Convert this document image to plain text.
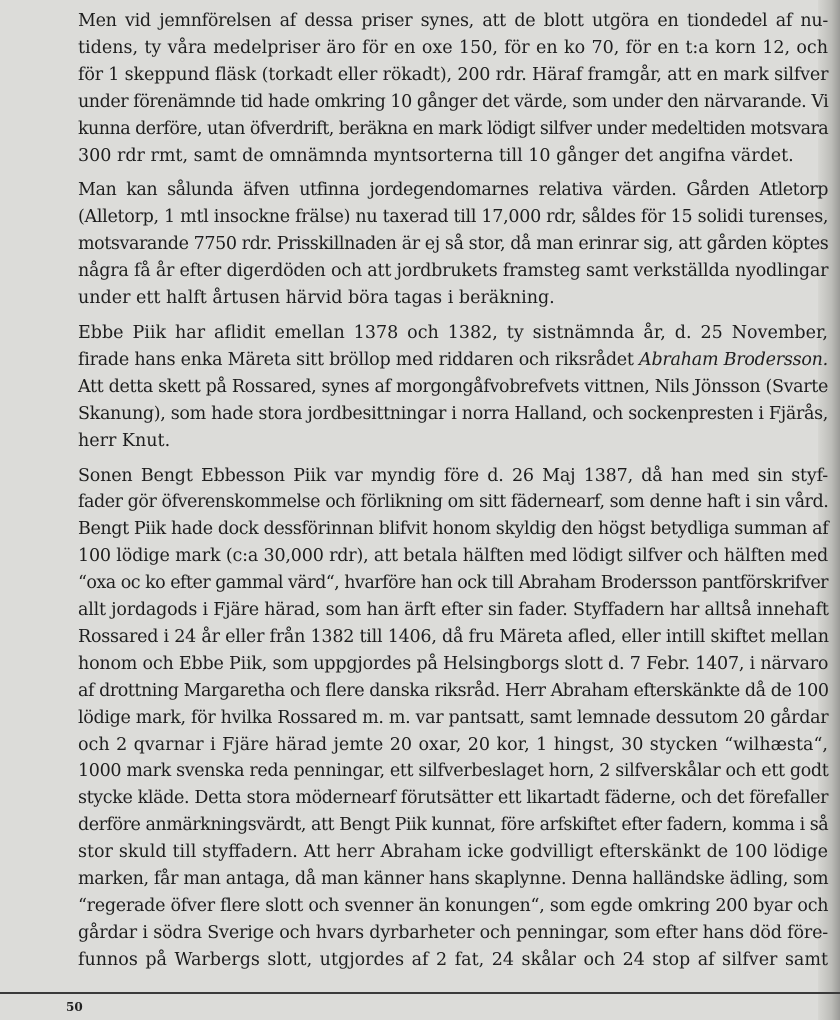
Men vid jemnförelsen af dessa priser synes, att de blott utgöra en tiondedel af nu-
tidens, ty våra medelpriser äro för en oxe 150, för en ko 70, för en t:a korn 12, och
för 1 skeppund fläsk (torkadt eller rökadt), 200 rdr. Häraf framgår, att en mark silfver
under förenämnde tid hade omkring 10 gånger det värde, som under den närvarande. Vi
kunna derföre, utan öfverdrift, beräkna en mark lödigt silfver under medeltiden motsvara
300 rdr rmt, samt de omnämnda myntsorterna till 10 gånger det angifna värdet.
Man kan sålunda äfven utfinna jordegendomarnes relativa värden. Gården Atletorp
(Alletorp, 1 mtl insockne frälse) nu taxerad till 17,000 rdr, såldes för 15 solidi turenses,
motsvarande 7750 rdr. Prisskillnaden är ej så stor, då man erinrar sig, att gården köptes
några få år efter digerdöden och att jordbrukets framsteg samt verkställda nyodlingar
under ett halft årtusen härvid böra tagas i beräkning.
Ebbe Piik har aflidit emellan 1378 och 1382, ty sistnämnda år, d. 25 November,
firade hans enka Märeta sitt bröllop med riddaren och riksrådet Abraham Brodersson.
Att detta skett på Rossared, synes af morgongåfvobrefvets vittnen, Nils Jönsson (Svarte
Skanung), som hade stora jordbesittningar i norra Halland, och sockenpresten i Fjärås,
herr Knut.
Sonen Bengt Ebbesson Piik var myndig före d. 26 Maj 1387, då han med sin styf-
fader gör öfverenskommelse och förlikning om sitt fädernearf, som denne haft i sin vård.
Bengt Piik hade dock dessförinnan blifvit honom skyldig den högst betydliga summan af
100 lödige mark (c:a 30,000 rdr), att betala hälften med lödigt silfver och hälften med
“oxa oc ko efter gammal värd“, hvarföre han ock till Abraham Brodersson pantförskrifver
allt jordagods i Fjäre härad, som han ärft efter sin fader. Styffadern har alltså innehaft
Rossared i 24 år eller från 1382 till 1406, då fru Märeta afled, eller intill skiftet mellan
honom och Ebbe Piik, som uppgjordes på Helsingborgs slott d. 7 Febr. 1407, i närvaro
af drottning Margaretha och flere danska riksråd. Herr Abraham efterskänkte då de 100
lödige mark, för hvilka Rossared m. m. var pantsatt, samt lemnade dessutom 20 gårdar
och 2 qvarnar i Fjäre härad jemte 20 oxar, 20 kor, 1 hingst, 30 stycken “wilhæsta“,
1000 mark svenska reda penningar, ett silfverbeslaget horn, 2 silfverskålar och ett godt
stycke kläde. Detta stora mödernearf förutsätter ett likartadt fäderne, och det förefaller
derföre anmärkningsvärdt, att Bengt Piik kunnat, före arfskiftet efter fadern, komma i så
stor skuld till styffadern. Att herr Abraham icke godvilligt efterskänkt de 100 lödige
marken, får man antaga, då man känner hans skaplynne. Denna halländske ädling, som
“regerade öfver flere slott och svenner än konungen“, som egde omkring 200 byar och
gårdar i södra Sverige och hvars dyrbarheter och penningar, som efter hans död före-
funnos på Warbergs slott, utgjordes af 2 fat, 24 skålar och 24 stop af silfver samt
50
